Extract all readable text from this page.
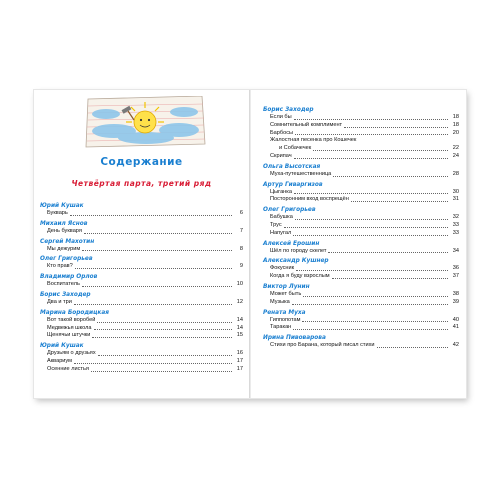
Содержание
Четвёртая парта, третий ряд
Юрий Кушак
Букварь	6
Михаил Яснов
День букваря	7
Сергей Махотин
Мы дежурим	8
Олег Григорьев
Кто прав?	9
Владимир Орлов
Воспитатель	10
Борис Заходер
Два и три	12
Марина Бородицкая
Вот такой воробей	14
Медвежья школа	14
Щенячьи штучки	15
Юрий Кушак
Друзьям о друзьях	16
Аквариум	17
Осенние листья	17
Борис Заходер
Если бы	18
Сомнительный комплимент	18
Барбосы	20
Жалостная песенка про Кошечек
и Собачечек	22
Скрипач	24
Ольга Высотская
Муха-путешественница	28
Артур Гиваргизов
Цыганка	30
Посторонним вход воспрещён	31
Олег Григорьев
Бабушка	32
Трус	33
Напугал	33
Алексей Ерошин
Шёл по городу скелет	34
Александр Кушнер
Фокусник	36
Когда я буду взрослым	37
Виктор Лунин
Может быть	38
Музыка	39
Рената Муха
Гиппопотам	40
Таракан	41
Ирина Пивоварова
Стихи про Барана, который писал стихи	42
